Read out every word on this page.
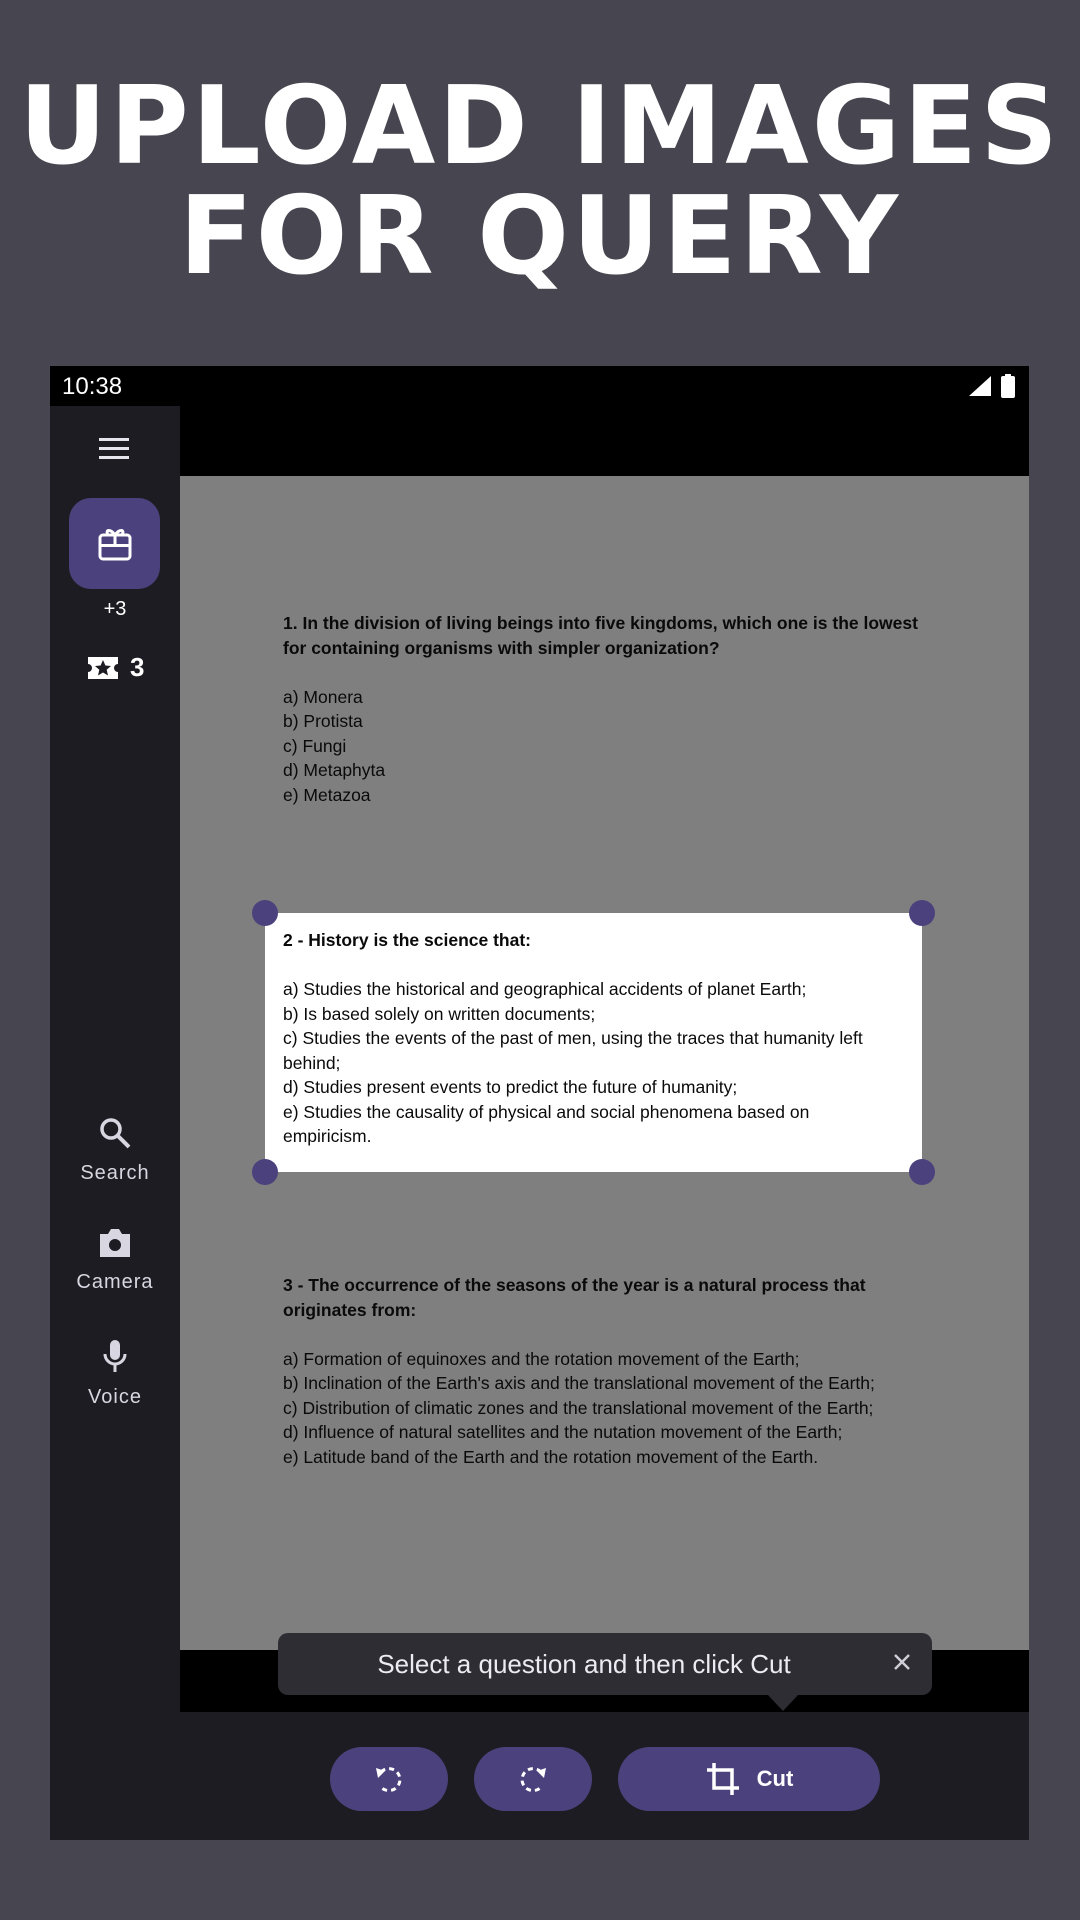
UPLOAD IMAGES
FOR QUERY
10:38
+3
3
Search
Camera
Voice
1. In the division of living beings into five kingdoms, which one is the lowest for containing organisms with simpler organization?
a) Monera
b) Protista
c) Fungi
d) Metaphyta
e) Metazoa
2 - History is the science that:
a) Studies the historical and geographical accidents of planet Earth;
b) Is based solely on written documents;
c) Studies the events of the past of men, using the traces that humanity left behind;
d) Studies present events to predict the future of humanity;
e) Studies the causality of physical and social phenomena based on empiricism.
3 - The occurrence of the seasons of the year is a natural process that originates from:
a) Formation of equinoxes and the rotation movement of the Earth;
b) Inclination of the Earth's axis and the translational movement of the Earth;
c) Distribution of climatic zones and the translational movement of the Earth;
d) Influence of natural satellites and the nutation movement of the Earth;
e) Latitude band of the Earth and the rotation movement of the Earth.
Select a question and then click Cut
Cut
